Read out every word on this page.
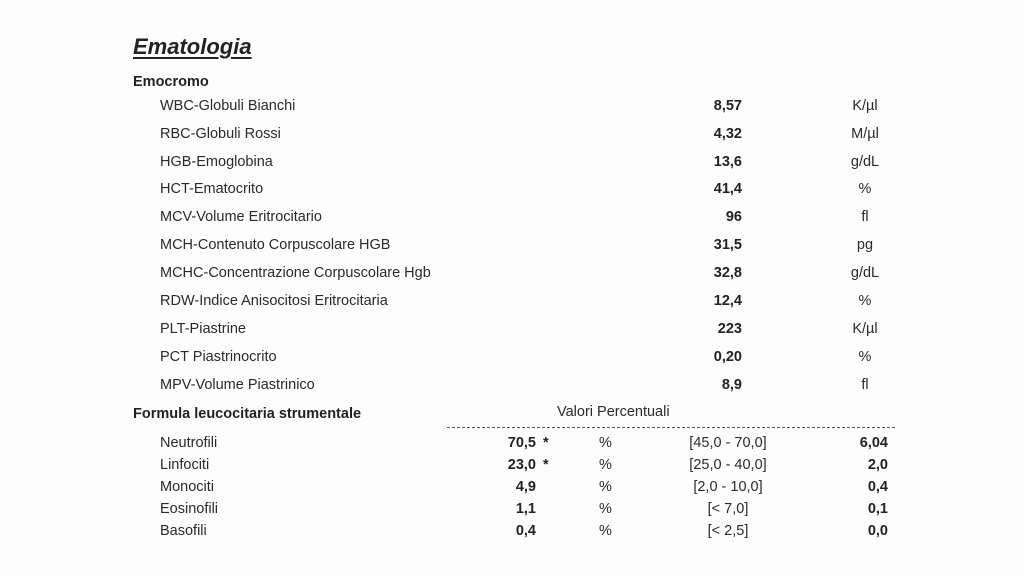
Ematologia
Emocromo
WBC-Globuli Bianchi	8,57	K/µl
RBC-Globuli Rossi	4,32	M/µl
HGB-Emoglobina	13,6	g/dL
HCT-Ematocrito	41,4	%
MCV-Volume Eritrocitario	96	fl
MCH-Contenuto Corpuscolare HGB	31,5	pg
MCHC-Concentrazione Corpuscolare Hgb	32,8	g/dL
RDW-Indice Anisocitosi Eritrocitaria	12,4	%
PLT-Piastrine	223	K/µl
PCT Piastrinocrito	0,20	%
MPV-Volume Piastrinico	8,9	fl
Formula leucocitaria strumentale	Valori Percentuali
Neutrofili	70,5 *	%	[45,0 - 70,0]	6,04
Linfociti	23,0 *	%	[25,0 - 40,0]	2,0
Monociti	4,9	%	[2,0 - 10,0]	0,4
Eosinofili	1,1	%	[< 7,0]	0,1
Basofili	0,4	%	[< 2,5]	0,0
